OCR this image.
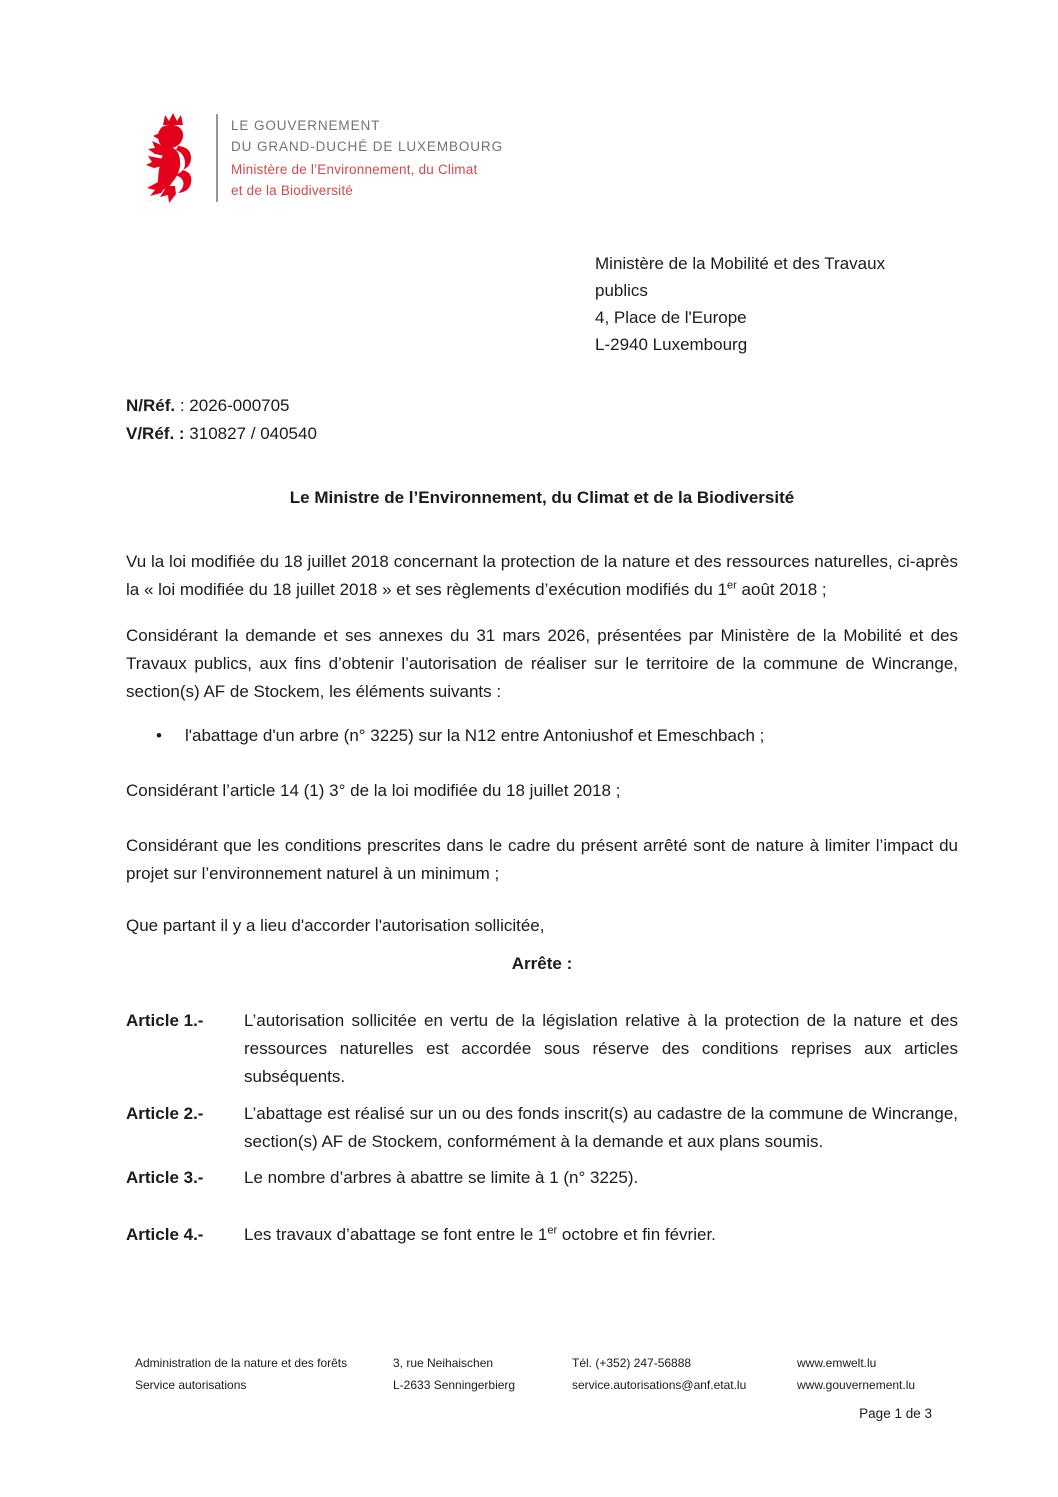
LE GOUVERNEMENT
DU GRAND-DUCHÉ DE LUXEMBOURG
Ministère de l’Environnement, du Climat
et de la Biodiversité
Ministère de la Mobilité et des Travaux
publics
4, Place de l'Europe
L-2940 Luxembourg
N/Réf. : 2026-000705
V/Réf. : 310827 / 040540
Le Ministre de l’Environnement, du Climat et de la Biodiversité

Vu la loi modifiée du 18 juillet 2018 concernant la protection de la nature et des ressources naturelles, ci-après la « loi modifiée du 18 juillet 2018 » et ses règlements d’exécution modifiés du 1er août 2018 ;

Considérant la demande et ses annexes du 31 mars 2026, présentées par Ministère de la Mobilité et des Travaux publics, aux fins d’obtenir l’autorisation de réaliser sur le territoire de la commune de Wincrange, section(s) AF de Stockem, les éléments suivants :

•	l'abattage d'un arbre (n° 3225) sur la N12 entre Antoniushof et Emeschbach ;

Considérant l’article 14 (1) 3° de la loi modifiée du 18 juillet 2018 ;

Considérant que les conditions prescrites dans le cadre du présent arrêté sont de nature à limiter l’impact du projet sur l’environnement naturel à un minimum ;

Que partant il y a lieu d'accorder l'autorisation sollicitée,

Arrête :
Article 1.-	L’autorisation sollicitée en vertu de la législation relative à la protection de la nature et des ressources naturelles est accordée sous réserve des conditions reprises aux articles subséquents.
Article 2.-	L’abattage est réalisé sur un ou des fonds inscrit(s) au cadastre de la commune de Wincrange, section(s) AF de Stockem, conformément à la demande et aux plans soumis.
Article 3.-	Le nombre d’arbres à abattre se limite à 1 (n° 3225).
Article 4.-	Les travaux d’abattage se font entre le 1er octobre et fin février.
Administration de la nature et des forêts
Service autorisations
3, rue Neihaischen
L-2633 Senningerbierg
Tél. (+352) 247-56888
service.autorisations@anf.etat.lu
www.emwelt.lu
www.gouvernement.lu
Page 1 de 3
